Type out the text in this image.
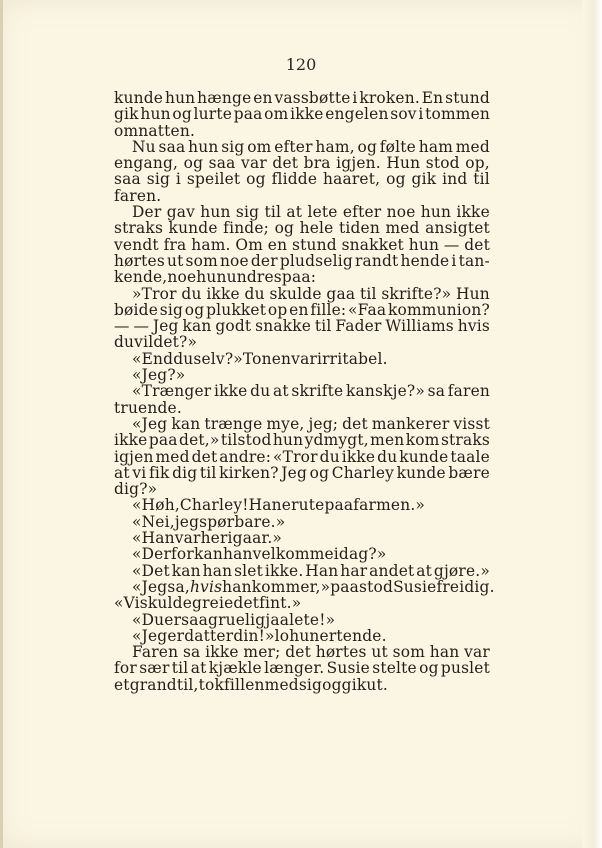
120

kunde hun hænge en vassbøtte i kroken. En stund
gik hun og lurte paa om ikke engelen sov i tommen
om natten.
Nu saa hun sig om efter ham, og følte ham med
engang, og saa var det bra igjen. Hun stod op,
saa sig i speilet og flidde haaret, og gik ind til
faren.
Der gav hun sig til at lete efter noe hun ikke
straks kunde finde; og hele tiden med ansigtet
vendt fra ham. Om en stund snakket hun — det
hørtes ut som noe der pludselig randt hende i tan-
kende, noe hun undres paa:
»Tror du ikke du skulde gaa til skrifte?» Hun
bøide sig og plukket op en fille: «Faa kommunion?
— — Jeg kan godt snakke til Fader Williams hvis
du vil det?»
«End du selv?» Tonen var irritabel.
«Jeg?»
«Trænger ikke du at skrifte kanskje?» sa faren
truende.
«Jeg kan trænge mye, jeg; det mankerer visst
ikke paa det,» tilstod hun ydmygt, men kom straks
igjen med det andre: «Tror du ikke du kunde taale
at vi fik dig til kirken? Jeg og Charley kunde bære
dig?»
«Høh, Charley! Han er ute paa farmen.»
«Nei, jeg spør bare.»
«Han var her igaar.»
«Derfor kan han vel komme idag?»
«Det kan han slet ikke. Han har andet at gjøre.»
«Jeg sa, hvis han kommer,» paastod Susie freidig.
«Vi skulde greie det fint.»
«Du er saa gruelig jaalete!»
«Jeg er datter din!» lo hun ertende.
Faren sa ikke mer; det hørtes ut som han var
for sær til at kjækle længer. Susie stelte og puslet
et grand til, tok fillen med sig og gik ut.
